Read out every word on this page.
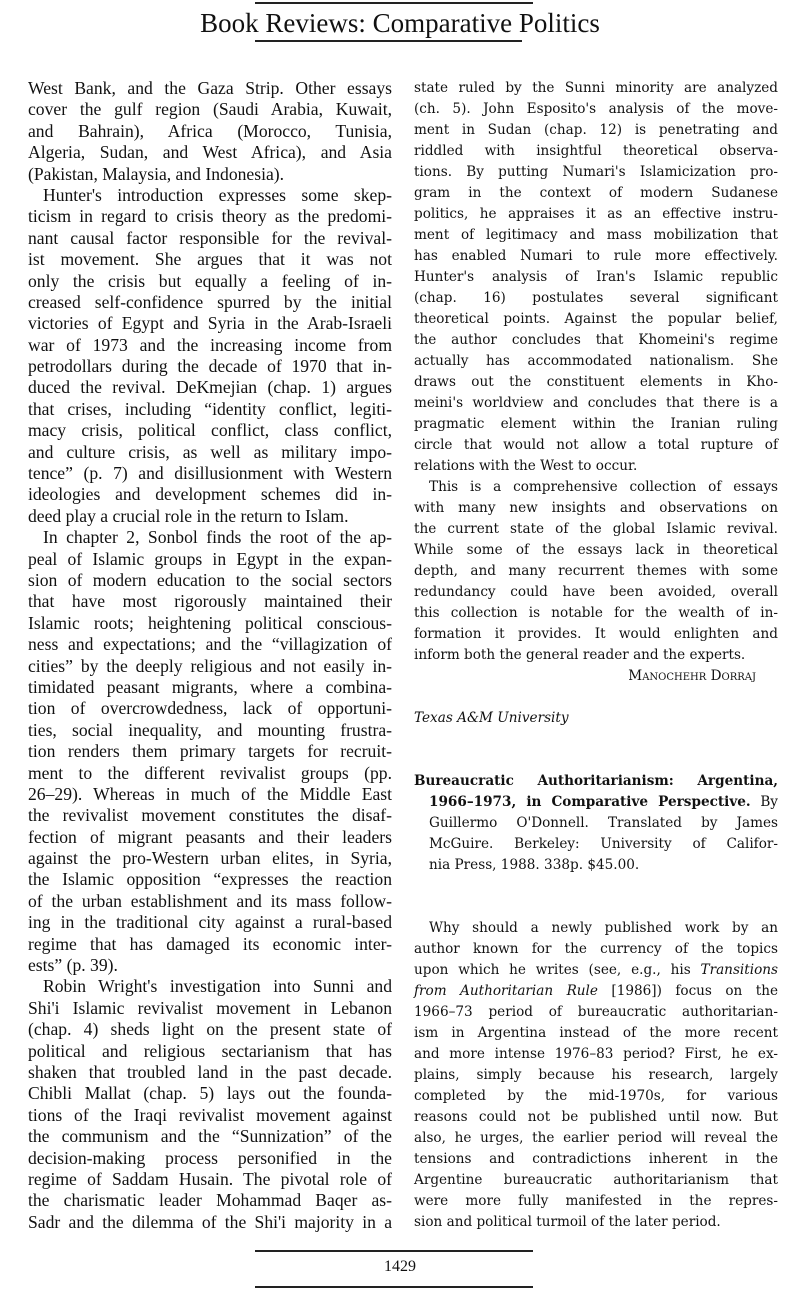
Book Reviews: Comparative Politics
West Bank, and the Gaza Strip. Other essays
cover the gulf region (Saudi Arabia, Kuwait,
and Bahrain), Africa (Morocco, Tunisia,
Algeria, Sudan, and West Africa), and Asia
(Pakistan, Malaysia, and Indonesia).
Hunter's introduction expresses some skep-
ticism in regard to crisis theory as the predomi-
nant causal factor responsible for the revival-
ist movement. She argues that it was not
only the crisis but equally a feeling of in-
creased self-confidence spurred by the initial
victories of Egypt and Syria in the Arab-Israeli
war of 1973 and the increasing income from
petrodollars during the decade of 1970 that in-
duced the revival. DeKmejian (chap. 1) argues
that crises, including “identity conflict, legiti-
macy crisis, political conflict, class conflict,
and culture crisis, as well as military impo-
tence” (p. 7) and disillusionment with Western
ideologies and development schemes did in-
deed play a crucial role in the return to Islam.
In chapter 2, Sonbol finds the root of the ap-
peal of Islamic groups in Egypt in the expan-
sion of modern education to the social sectors
that have most rigorously maintained their
Islamic roots; heightening political conscious-
ness and expectations; and the “villagization of
cities” by the deeply religious and not easily in-
timidated peasant migrants, where a combina-
tion of overcrowdedness, lack of opportuni-
ties, social inequality, and mounting frustra-
tion renders them primary targets for recruit-
ment to the different revivalist groups (pp.
26–29). Whereas in much of the Middle East
the revivalist movement constitutes the disaf-
fection of migrant peasants and their leaders
against the pro-Western urban elites, in Syria,
the Islamic opposition “expresses the reaction
of the urban establishment and its mass follow-
ing in the traditional city against a rural-based
regime that has damaged its economic inter-
ests” (p. 39).
Robin Wright's investigation into Sunni and
Shi'i Islamic revivalist movement in Lebanon
(chap. 4) sheds light on the present state of
political and religious sectarianism that has
shaken that troubled land in the past decade.
Chibli Mallat (chap. 5) lays out the founda-
tions of the Iraqi revivalist movement against
the communism and the “Sunnization” of the
decision-making process personified in the
regime of Saddam Husain. The pivotal role of
the charismatic leader Mohammad Baqer as-
Sadr and the dilemma of the Shi'i majority in a
state ruled by the Sunni minority are analyzed
(ch. 5). John Esposito's analysis of the move-
ment in Sudan (chap. 12) is penetrating and
riddled with insightful theoretical observa-
tions. By putting Numari's Islamicization pro-
gram in the context of modern Sudanese
politics, he appraises it as an effective instru-
ment of legitimacy and mass mobilization that
has enabled Numari to rule more effectively.
Hunter's analysis of Iran's Islamic republic
(chap. 16) postulates several significant
theoretical points. Against the popular belief,
the author concludes that Khomeini's regime
actually has accommodated nationalism. She
draws out the constituent elements in Kho-
meini's worldview and concludes that there is a
pragmatic element within the Iranian ruling
circle that would not allow a total rupture of
relations with the West to occur.
This is a comprehensive collection of essays
with many new insights and observations on
the current state of the global Islamic revival.
While some of the essays lack in theoretical
depth, and many recurrent themes with some
redundancy could have been avoided, overall
this collection is notable for the wealth of in-
formation it provides. It would enlighten and
inform both the general reader and the experts.
Manochehr Dorraj
Texas A&M University
Bureaucratic Authoritarianism: Argentina,
1966–1973, in Comparative Perspective. By
Guillermo O'Donnell. Translated by James
McGuire. Berkeley: University of Califor-
nia Press, 1988. 338p. $45.00.
Why should a newly published work by an
author known for the currency of the topics
upon which he writes (see, e.g., his Transitions
from Authoritarian Rule [1986]) focus on the
1966–73 period of bureaucratic authoritarian-
ism in Argentina instead of the more recent
and more intense 1976–83 period? First, he ex-
plains, simply because his research, largely
completed by the mid-1970s, for various
reasons could not be published until now. But
also, he urges, the earlier period will reveal the
tensions and contradictions inherent in the
Argentine bureaucratic authoritarianism that
were more fully manifested in the repres-
sion and political turmoil of the later period.
1429
